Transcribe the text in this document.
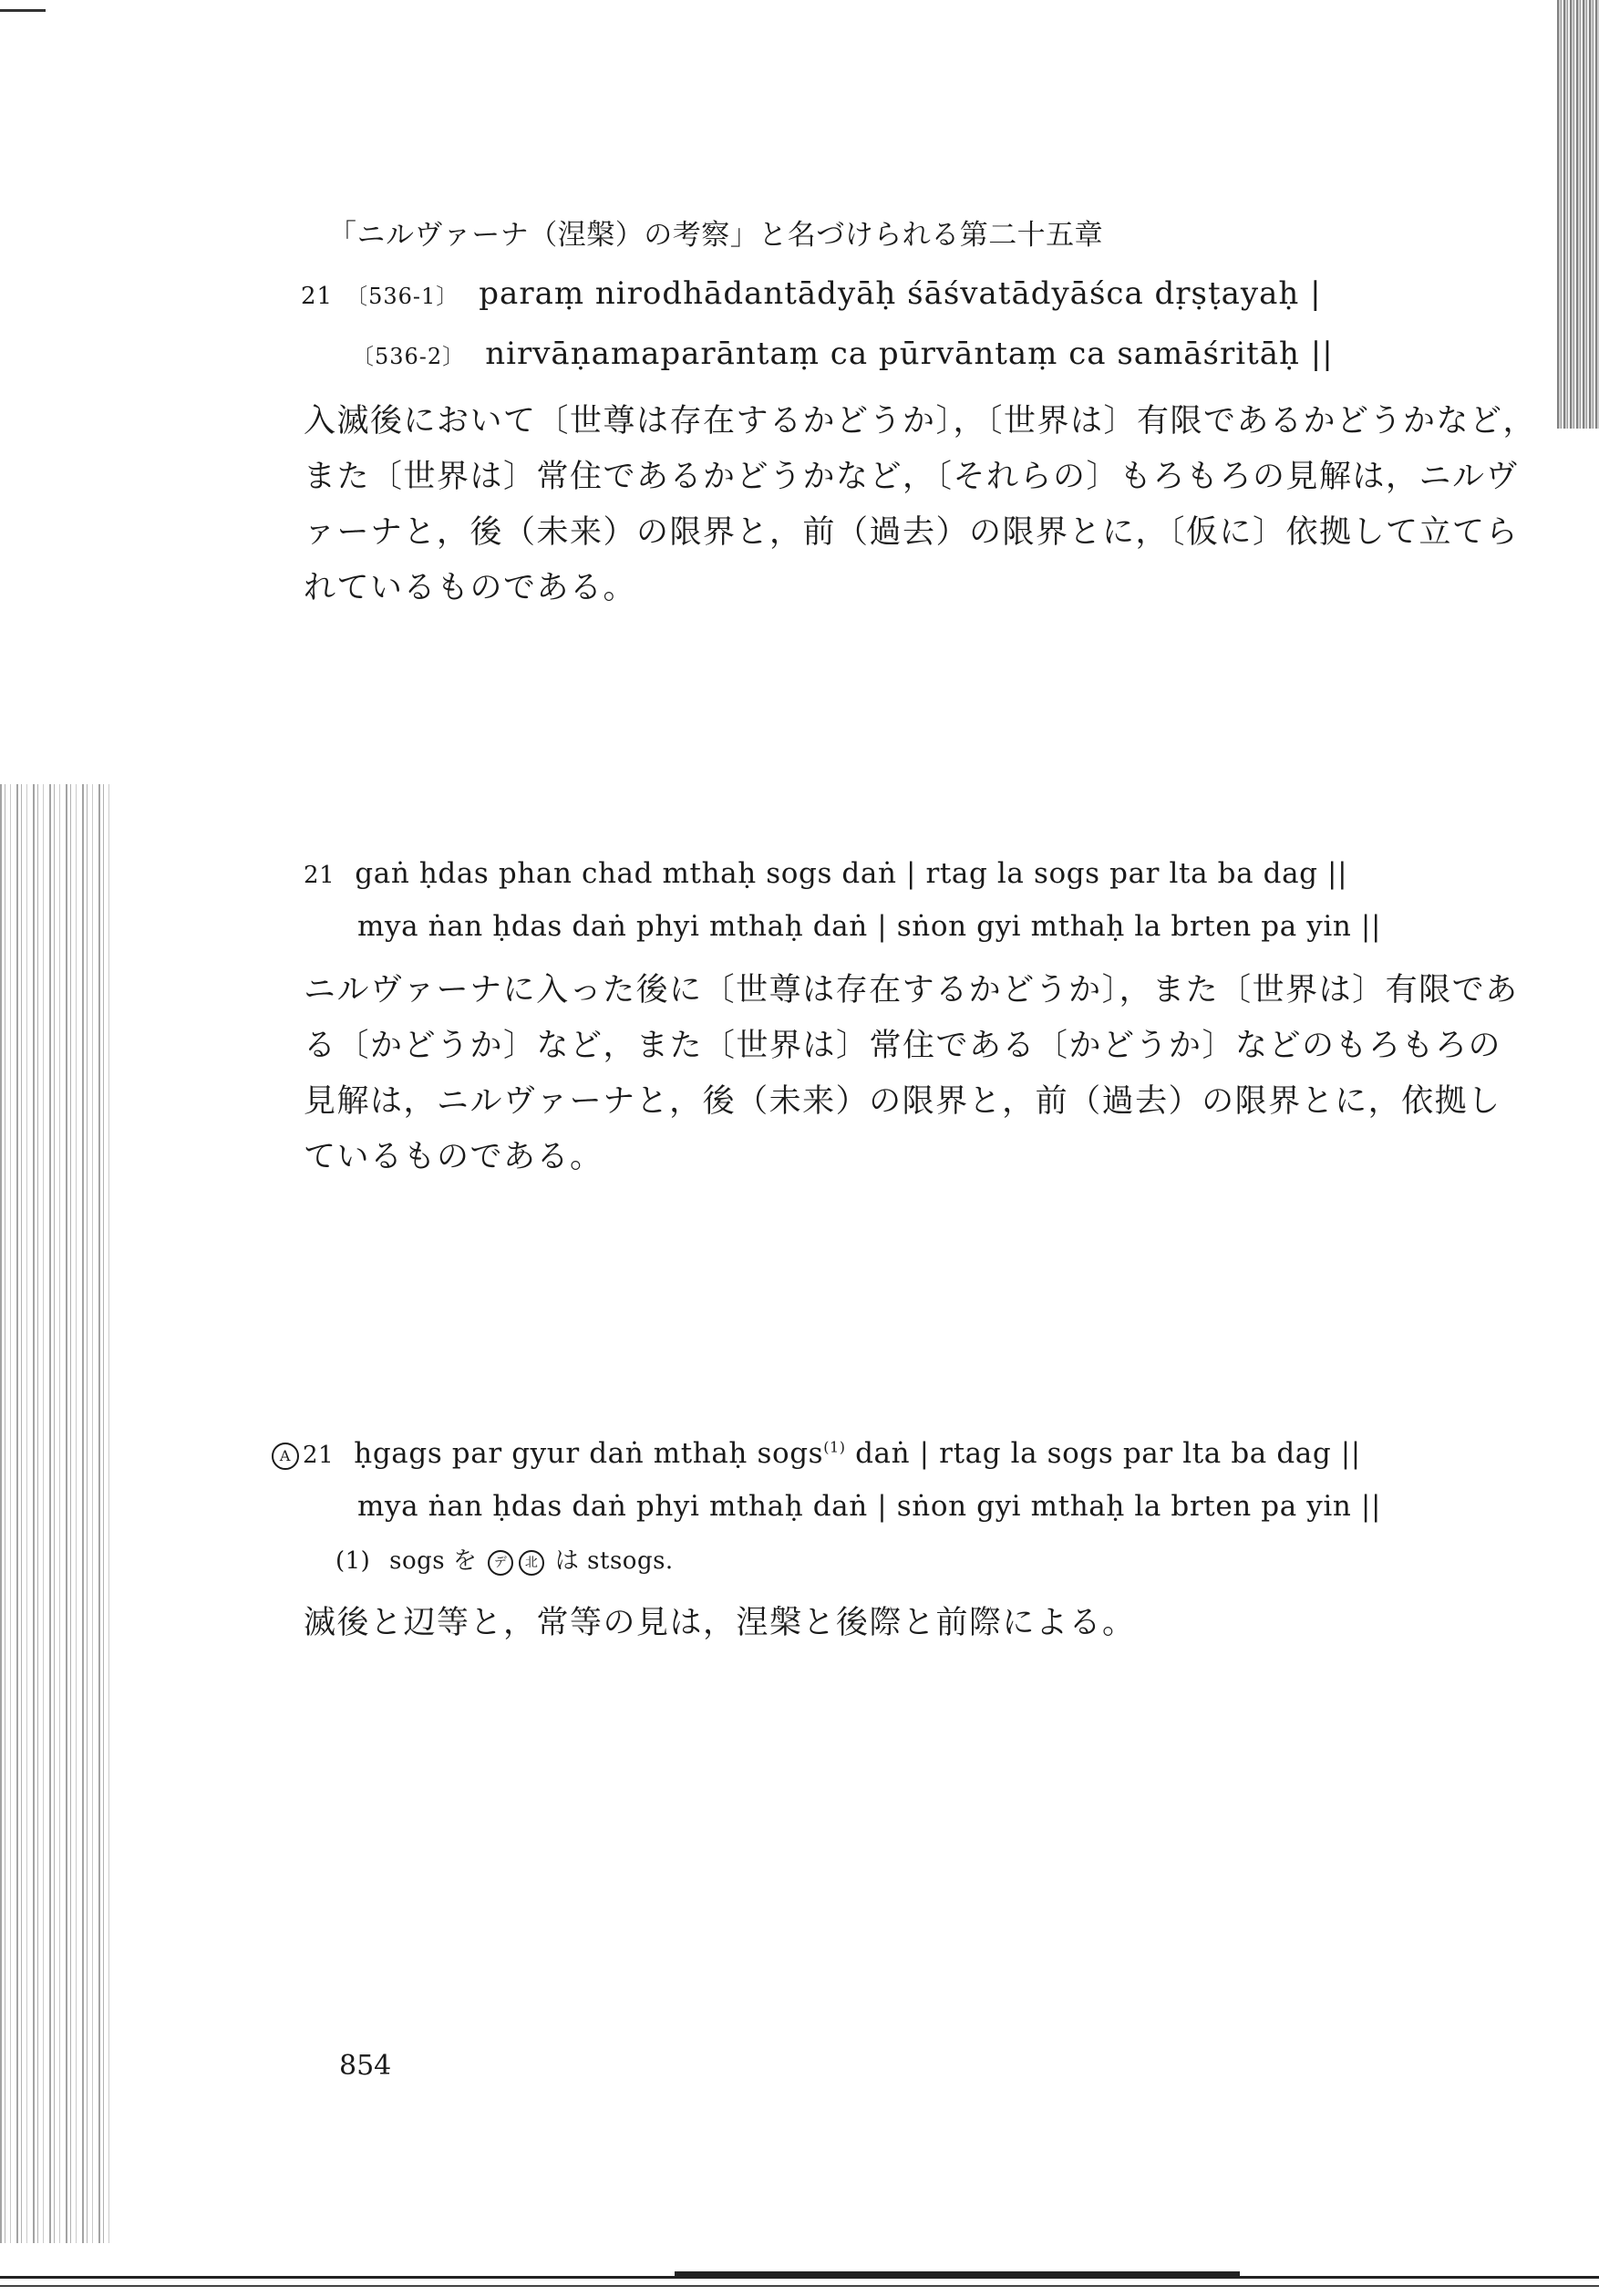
「ニルヴァーナ（涅槃）の考察」と名づけられる第二十五章
21 〔536-1〕 paraṃ nirodhādantādyāḥ śāśvatādyāśca dṛṣṭayaḥ |
〔536-2〕 nirvāṇamaparāntaṃ ca pūrvāntaṃ ca samāśritāḥ ||

入滅後において〔世尊は存在するかどうか〕，〔世界は〕有限であるかどうかなど，

また〔世界は〕常住であるかどうかなど，〔それらの〕もろもろの見解は，ニルヴ

ァーナと，後（未来）の限界と，前（過去）の限界とに，〔仮に〕依拠して立てら

れているものである。

21 gaṅ ḥdas phan chad mthaḥ sogs daṅ | rtag la sogs par lta ba dag ||
mya ṅan ḥdas daṅ phyi mthaḥ daṅ | sṅon gyi mthaḥ la brten pa yin ||

ニルヴァーナに入った後に〔世尊は存在するかどうか〕，また〔世界は〕有限であ

る〔かどうか〕など，また〔世界は〕常住である〔かどうか〕などのもろもろの

見解は，ニルヴァーナと，後（未来）の限界と，前（過去）の限界とに，依拠し

ているものである。

A 21 ḥgags par gyur daṅ mthaḥ sogs$^{(1)}$ daṅ | rtag la sogs par lta ba dag ||
mya ṅan ḥdas daṅ phyi mthaḥ daṅ | sṅon gyi mthaḥ la brten pa yin ||
(1) sogs を デ 北 は stsogs.

滅後と辺等と，常等の見は，涅槃と後際と前際による。

854
